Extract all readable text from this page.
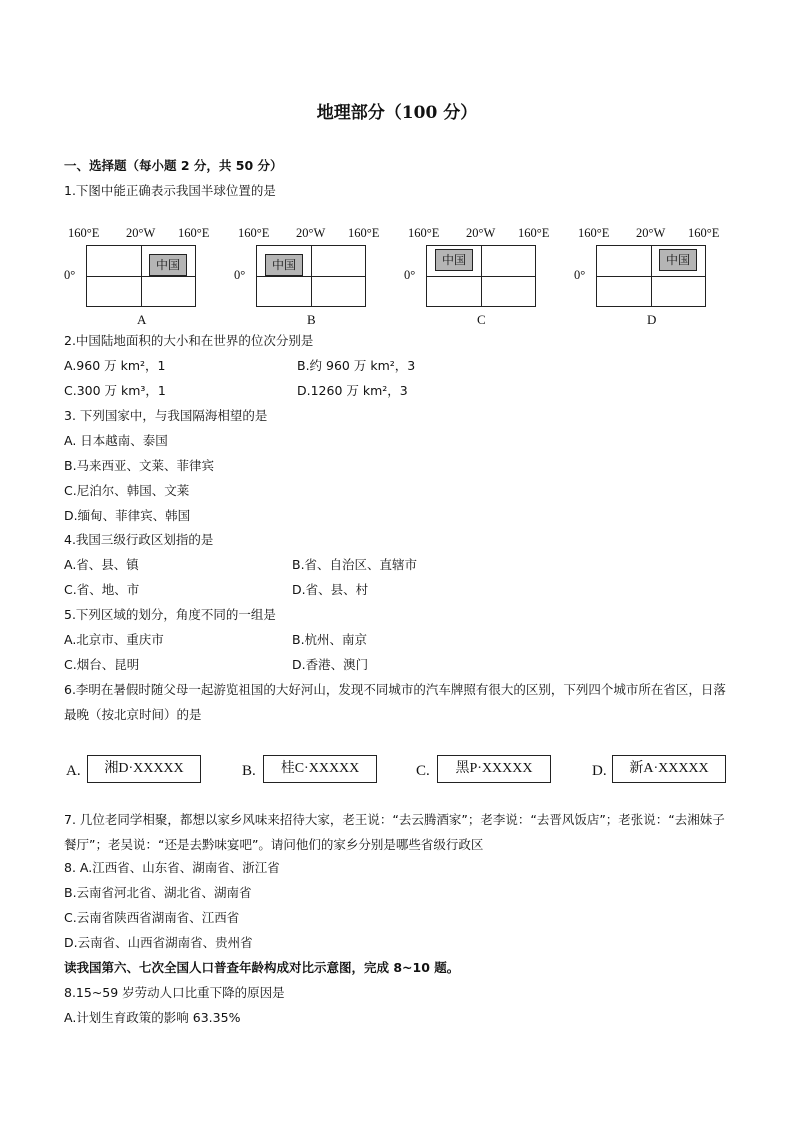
地理部分（100 分）
一、选择题（每小题 2 分，共 50 分）
1.下图中能正确表示我国半球位置的是
160°E 20°W 160°E
0°
中国
A
160°E 20°W 160°E
0°
中国
B
160°E 20°W 160°E
0°
中国
C
160°E 20°W 160°E
0°
中国
D
2.中国陆地面积的大小和在世界的位次分别是
A.960 万 km²，1	B.约 960 万 km²，3
C.300 万 km³，1	D.1260 万 km²，3
3. 下列国家中，与我国隔海相望的是
A. 日本越南、泰国
B.马来西亚、文莱、菲律宾
C.尼泊尔、韩国、文莱
D.缅甸、菲律宾、韩国
4.我国三级行政区划指的是
A.省、县、镇	B.省、自治区、直辖市
C.省、地、市	D.省、县、村
5.下列区域的划分，角度不同的一组是
A.北京市、重庆市	B.杭州、南京
C.烟台、昆明	D.香港、澳门
6.李明在暑假时随父母一起游览祖国的大好河山，发现不同城市的汽车牌照有很大的区别，下列四个城市所在省区，日落最晚（按北京时间）的是
A.	湘D·XXXXX	B.	桂C·XXXXX	C.	黑P·XXXXX	D.	新A·XXXXX
7. 几位老同学相聚，都想以家乡风味来招待大家，老王说：“去云腾酒家”；老李说：“去晋风饭店”；老张说：“去湘妹子餐厅”；老吴说：“还是去黔味宴吧”。请问他们的家乡分别是哪些省级行政区
8. A.江西省、山东省、湖南省、浙江省
B.云南省河北省、湖北省、湖南省
C.云南省陕西省湖南省、江西省
D.云南省、山西省湖南省、贵州省
读我国第六、七次全国人口普查年龄构成对比示意图，完成 8~10 题。
8.15~59 岁劳动人口比重下降的原因是
A.计划生育政策的影响 63.35%
